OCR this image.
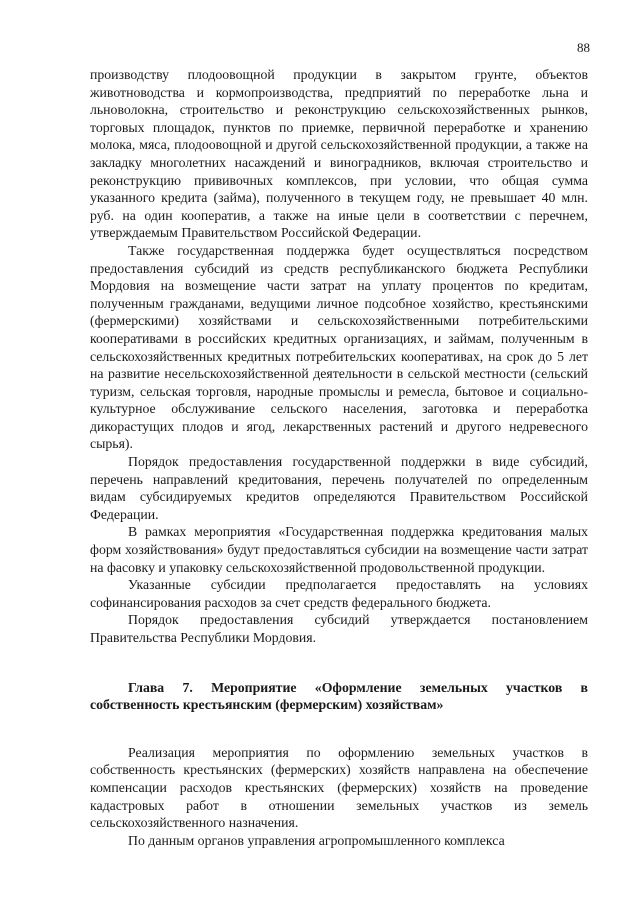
88

производству плодоовощной продукции в закрытом грунте, объектов животноводства и кормопроизводства, предприятий по переработке льна и льноволокна, строительство и реконструкцию сельскохозяйственных рынков, торговых площадок, пунктов по приемке, первичной переработке и хранению молока, мяса, плодоовощной и другой сельскохозяйственной продукции, а также на закладку многолетних насаждений и виноградников, включая строительство и реконструкцию прививочных комплексов, при условии, что общая сумма указанного кредита (займа), полученного в текущем году, не превышает 40 млн. руб. на один кооператив, а также на иные цели в соответствии с перечнем, утверждаемым Правительством Российской Федерации.

Также государственная поддержка будет осуществляться посредством предоставления субсидий из средств республиканского бюджета Республики Мордовия на возмещение части затрат на уплату процентов по кредитам, полученным гражданами, ведущими личное подсобное хозяйство, крестьянскими (фермерскими) хозяйствами и сельскохозяйственными потребительскими кооперативами в российских кредитных организациях, и займам, полученным в сельскохозяйственных кредитных потребительских кооперативах, на срок до 5 лет на развитие несельскохозяйственной деятельности в сельской местности (сельский туризм, сельская торговля, народные промыслы и ремесла, бытовое и социально-культурное обслуживание сельского населения, заготовка и переработка дикорастущих плодов и ягод, лекарственных растений и другого недревесного сырья).

Порядок предоставления государственной поддержки в виде субсидий, перечень направлений кредитования, перечень получателей по определенным видам субсидируемых кредитов определяются Правительством Российской Федерации.

В рамках мероприятия «Государственная поддержка кредитования малых форм хозяйствования» будут предоставляться субсидии на возмещение части затрат на фасовку и упаковку сельскохозяйственной продовольственной продукции.

Указанные субсидии предполагается предоставлять на условиях софинансирования расходов за счет средств федерального бюджета.

Порядок предоставления субсидий утверждается постановлением Правительства Республики Мордовия.

Глава 7. Мероприятие «Оформление земельных участков в собственность крестьянским (фермерским) хозяйствам»

Реализация мероприятия по оформлению земельных участков в собственность крестьянских (фермерских) хозяйств направлена на обеспечение компенсации расходов крестьянских (фермерских) хозяйств на проведение кадастровых работ в отношении земельных участков из земель сельскохозяйственного назначения.

По данным органов управления агропромышленного комплекса
